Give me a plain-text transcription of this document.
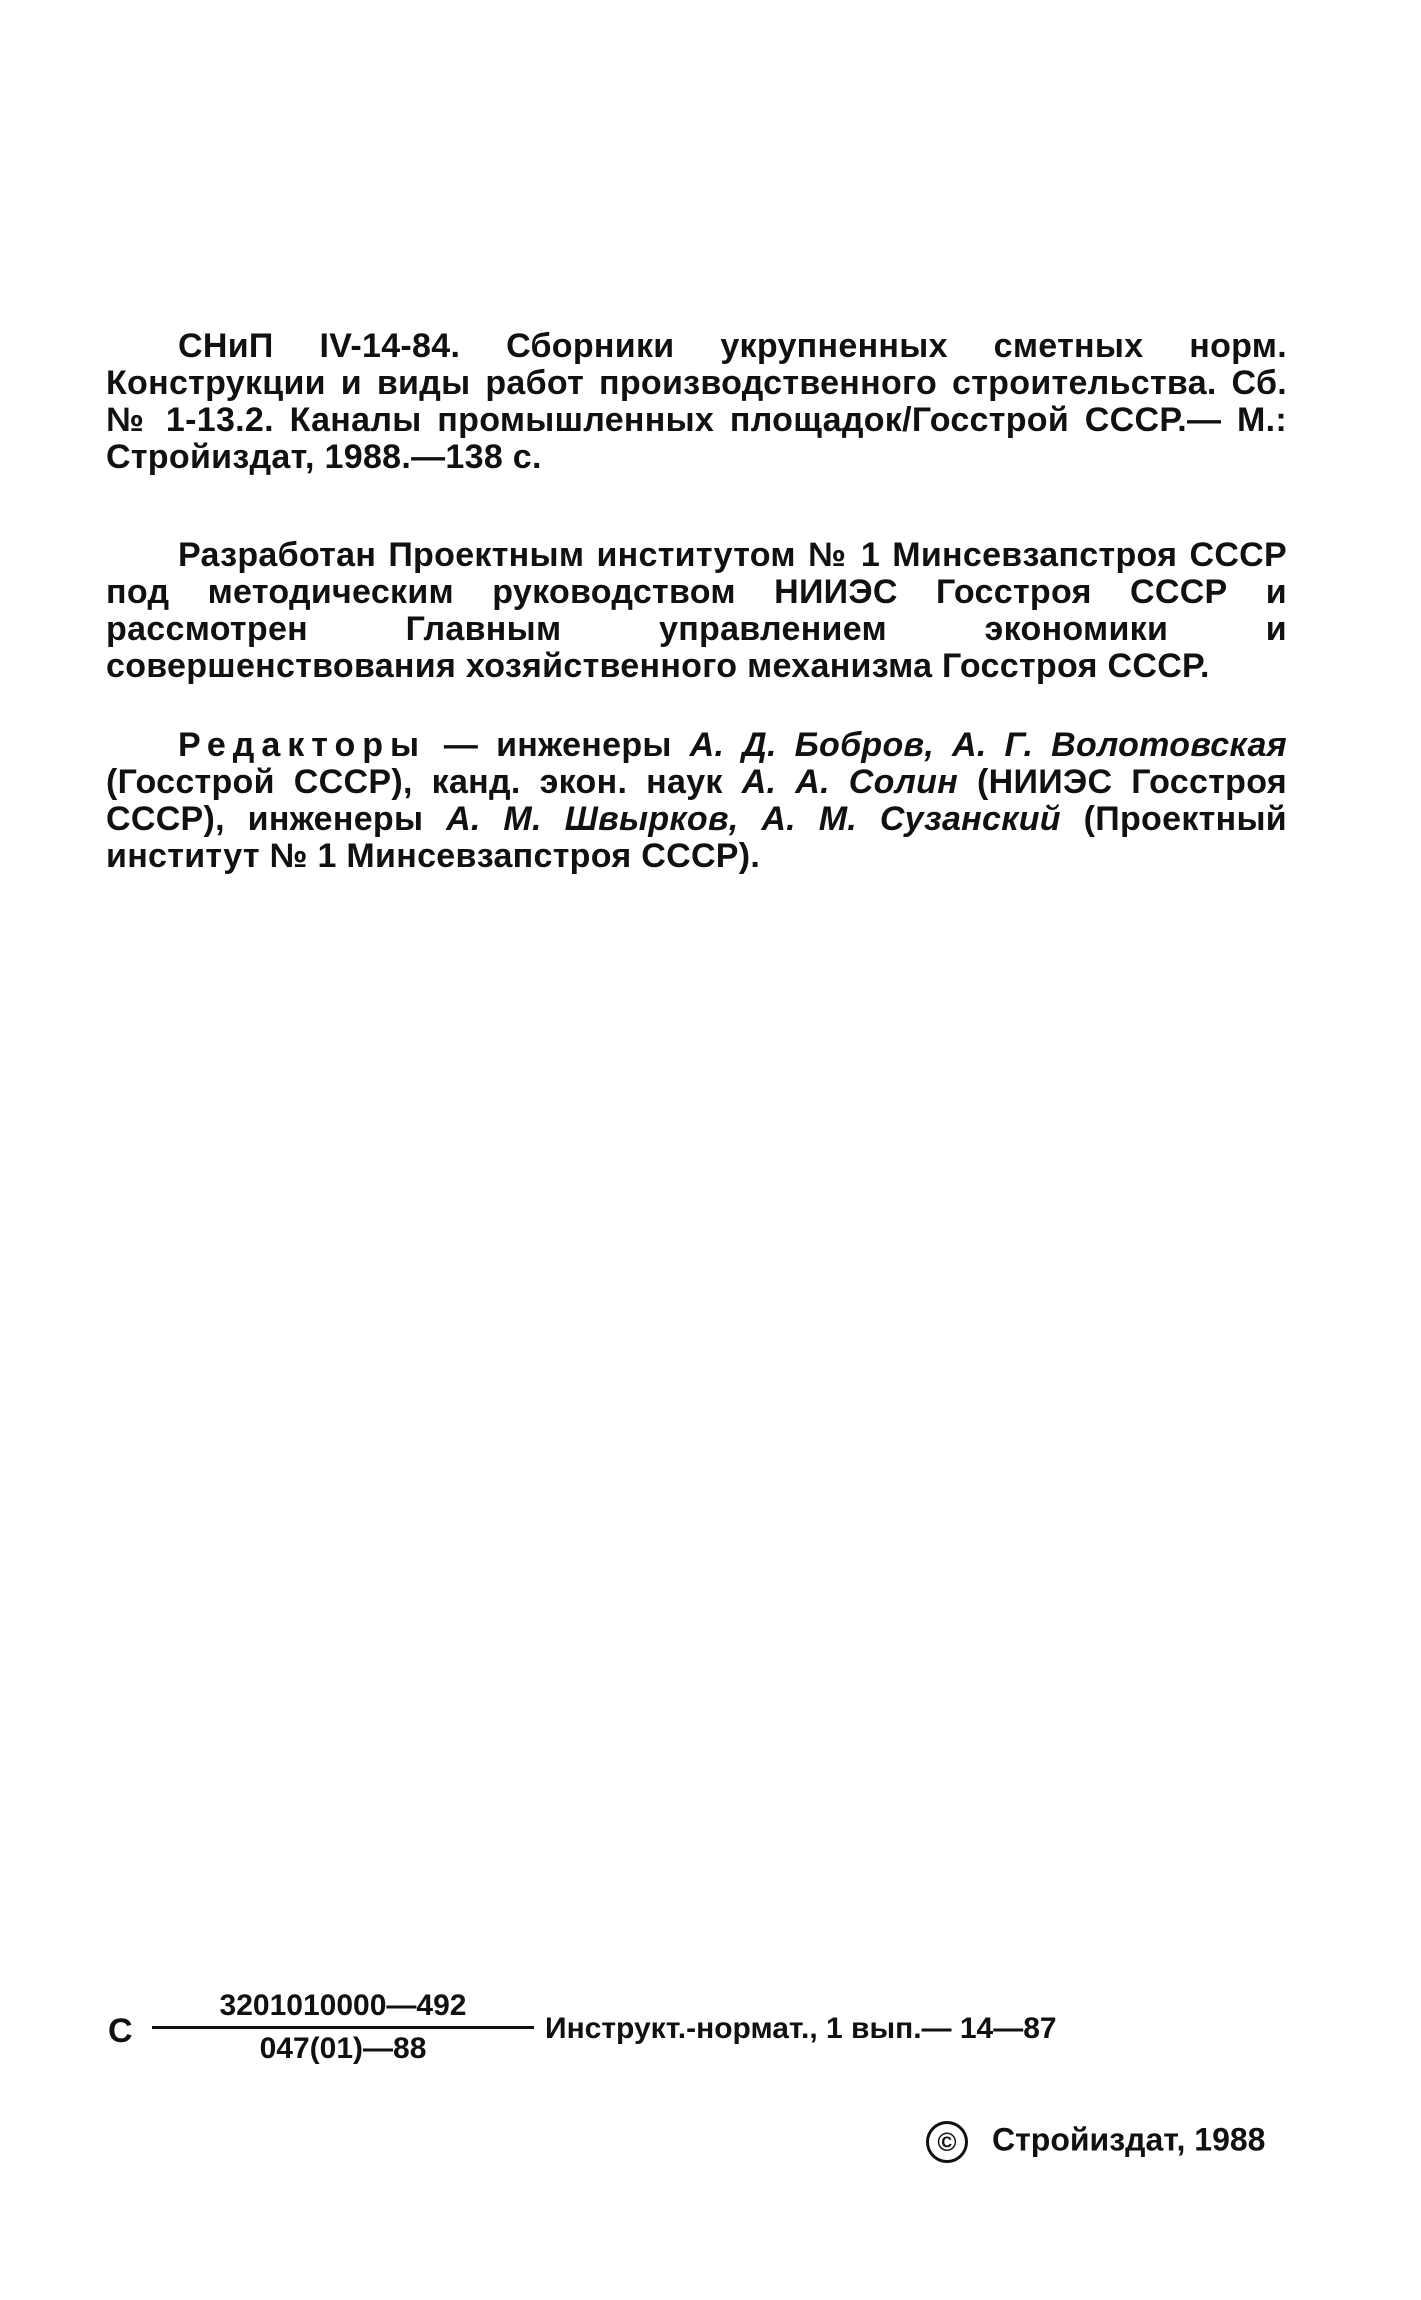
СНиП IV-14-84. Сборники укрупненных сметных норм. Конструкции и виды работ производственного строительства. Сб. № 1-13.2. Каналы промышленных площадок/Госстрой СССР.— М.: Стройиздат, 1988.—138 с.
Разработан Проектным институтом № 1 Минсевзапстроя СССР под методическим руководством НИИЭС Госстроя СССР и рассмотрен Главным управлением экономики и совершенствования хозяйственного механизма Госстроя СССР.
Редакторы — инженеры А. Д. Бобров, А. Г. Волотовская (Госстрой СССР), канд. экон. наук А. А. Солин (НИИЭС Госстроя СССР), инженеры А. М. Швырков, А. М. Сузанский (Проектный институт № 1 Минсевзапстроя СССР).
С
3201010000—492
047(01)—88
Инструкт.-нормат., 1 вып.— 14—87
© Стройиздат, 1988
